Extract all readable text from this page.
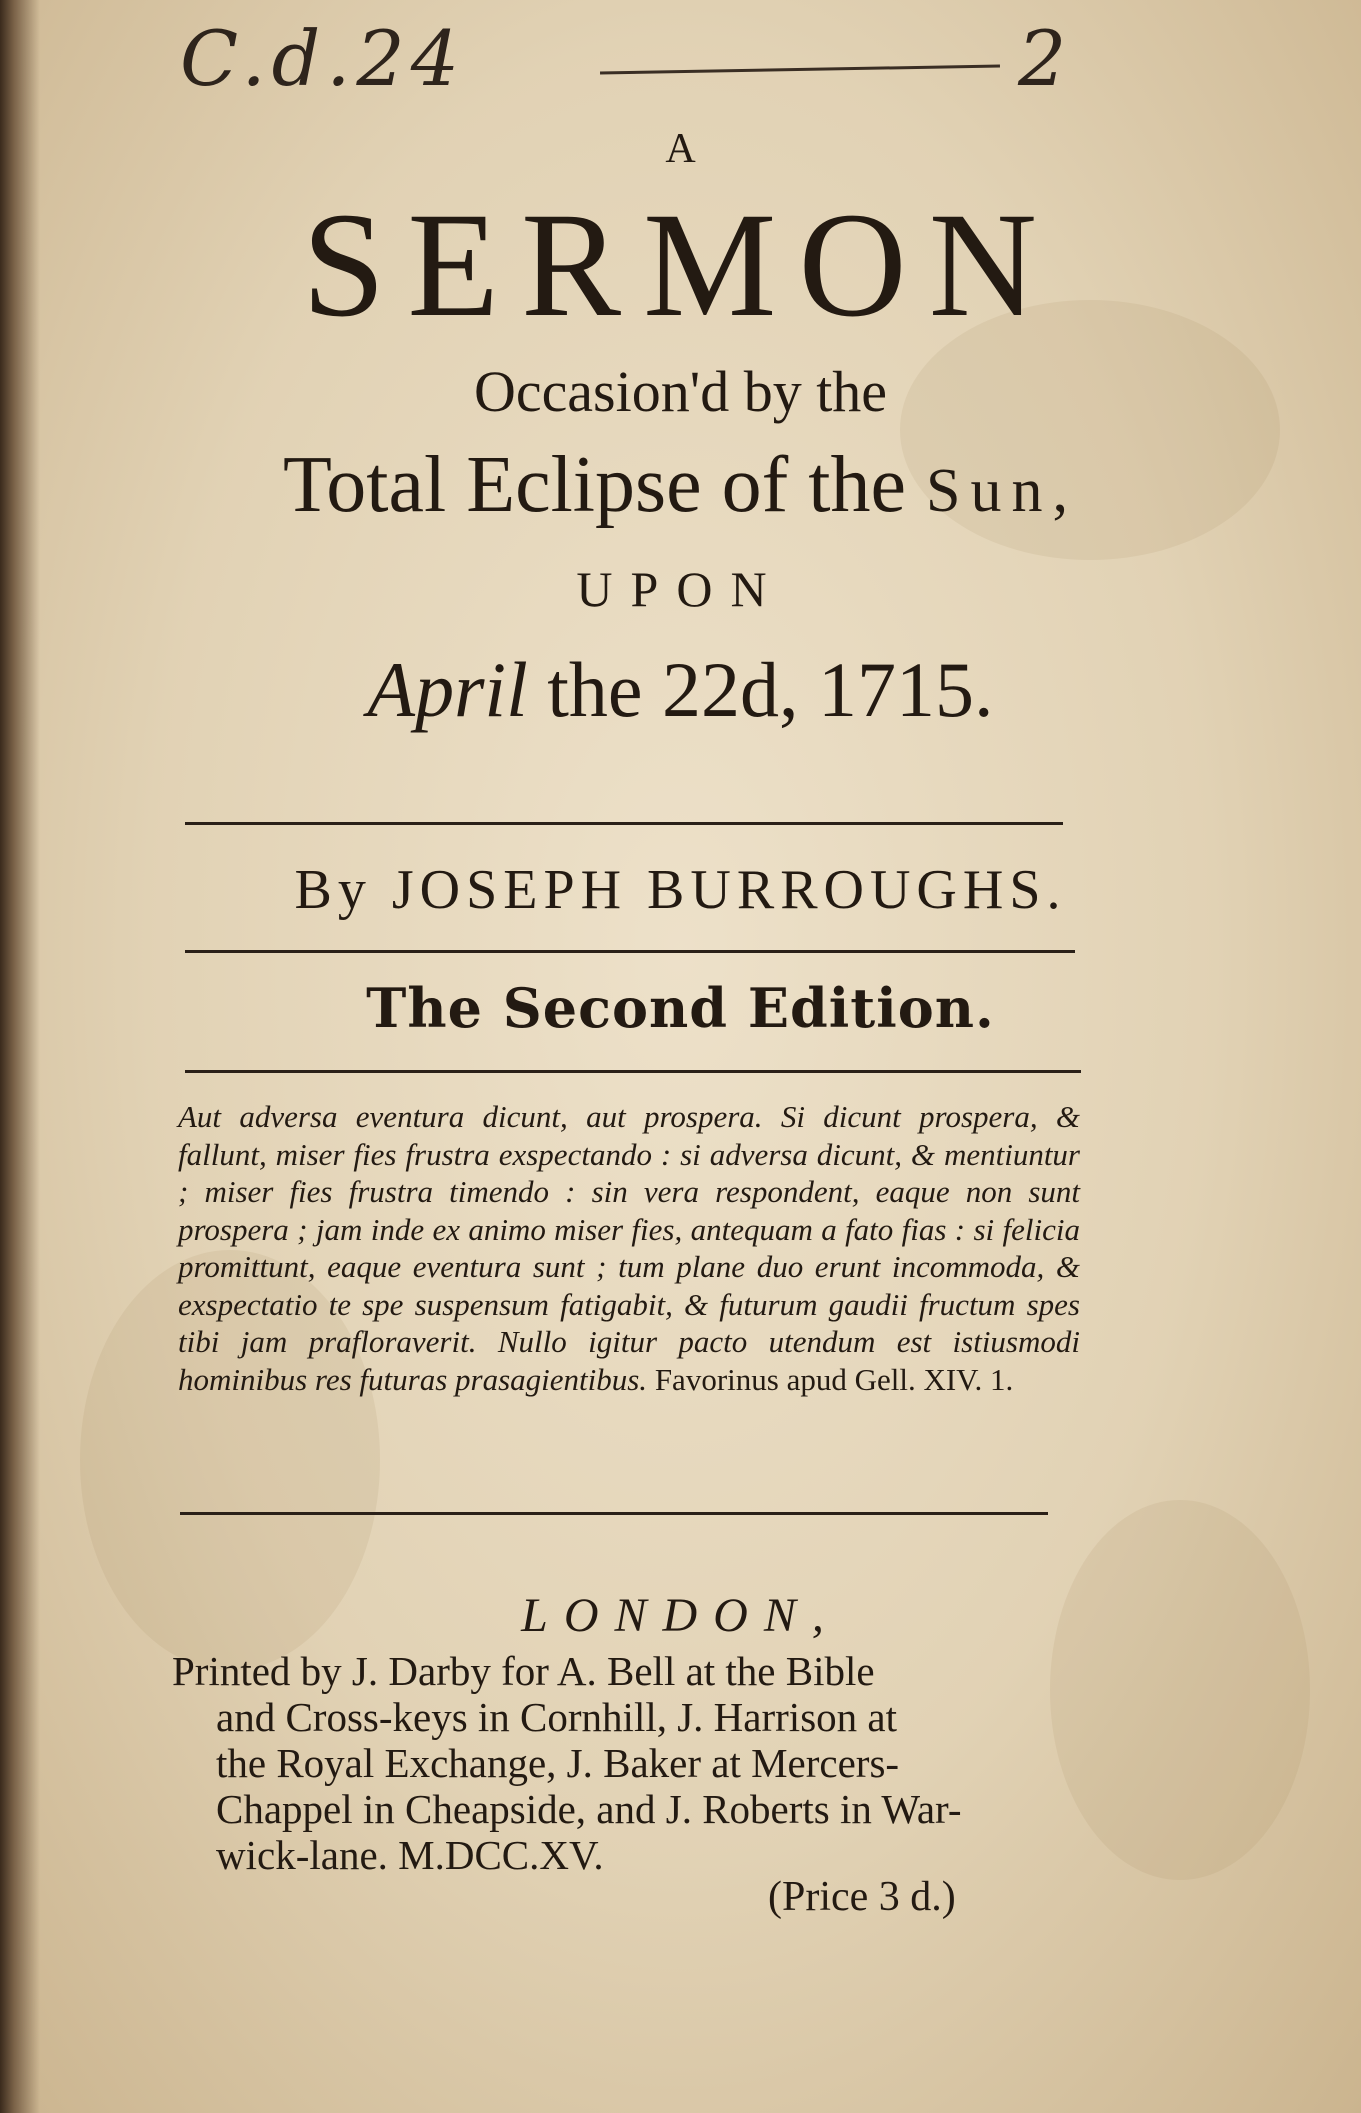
C.d.24	2
A
SERMON
Occasion'd by the
Total Eclipse of the Sun,
UPON
April the 22d, 1715.
By JOSEPH BURROUGHS.
The Second Edition.
Aut adversa eventura dicunt, aut prospera. Si dicunt prospera, & fallunt, miser fies frustra exspectando : si adversa dicunt, & mentiuntur ; miser fies frustra timendo : sin vera respondent, eaque non sunt prospera ; jam inde ex animo miser fies, antequam a fato fias : si felicia promittunt, eaque eventura sunt ; tum plane duo erunt incommoda, & exspectatio te spe suspensum fatigabit, & futurum gaudii fructum spes tibi jam prafloraverit. Nullo igitur pacto utendum est istiusmodi hominibus res futuras prasagientibus. Favorinus apud Gell. XIV. 1.
LONDON,
Printed by J. Darby for A. Bell at the Bible
and Cross-keys in Cornhill, J. Harrison at
the Royal Exchange, J. Baker at Mercers-
Chappel in Cheapside, and J. Roberts in War-
wick-lane. M.DCC.XV.
(Price 3 d.)
